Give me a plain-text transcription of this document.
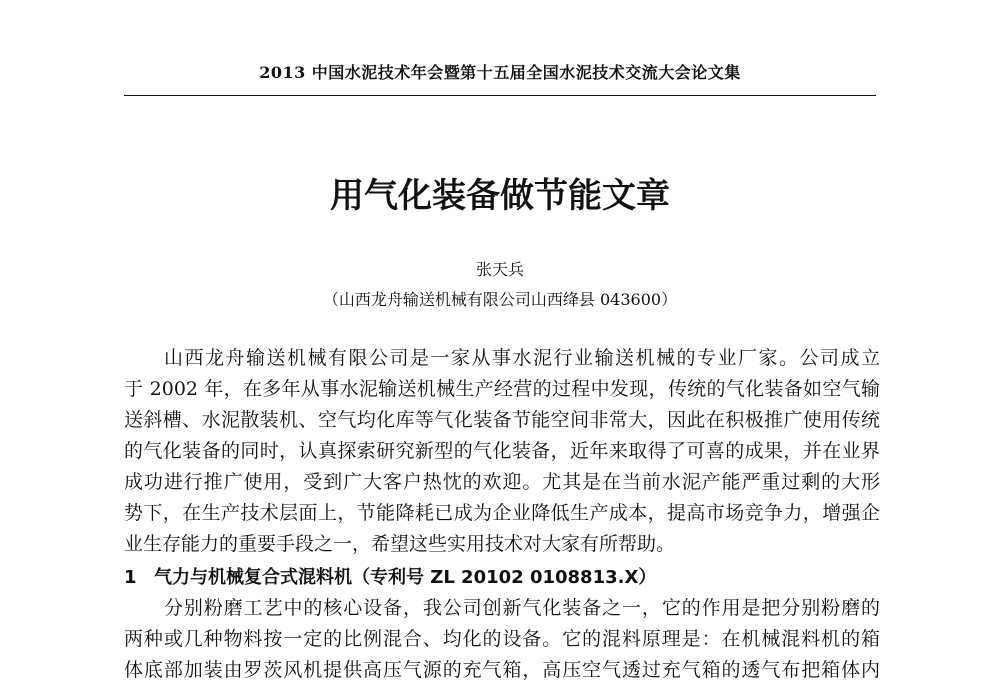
2013 中国水泥技术年会暨第十五届全国水泥技术交流大会论文集
用气化装备做节能文章
张天兵
（山西龙舟输送机械有限公司山西绛县 043600）
山西龙舟输送机械有限公司是一家从事水泥行业输送机械的专业厂家。公司成立
于 2002 年，在多年从事水泥输送机械生产经营的过程中发现，传统的气化装备如空气输
送斜槽、水泥散装机、空气均化库等气化装备节能空间非常大，因此在积极推广使用传统
的气化装备的同时，认真探索研究新型的气化装备，近年来取得了可喜的成果，并在业界
成功进行推广使用，受到广大客户热忱的欢迎。尤其是在当前水泥产能严重过剩的大形
势下，在生产技术层面上，节能降耗已成为企业降低生产成本，提高市场竞争力，增强企
业生存能力的重要手段之一，希望这些实用技术对大家有所帮助。
1 气力与机械复合式混料机（专利号 ZL 20102 0108813.X）
分别粉磨工艺中的核心设备，我公司创新气化装备之一，它的作用是把分别粉磨的
两种或几种物料按一定的比例混合、均化的设备。它的混料原理是：在机械混料机的箱
体底部加装由罗茨风机提供高压气源的充气箱，高压空气透过充气箱的透气布把箱体内
